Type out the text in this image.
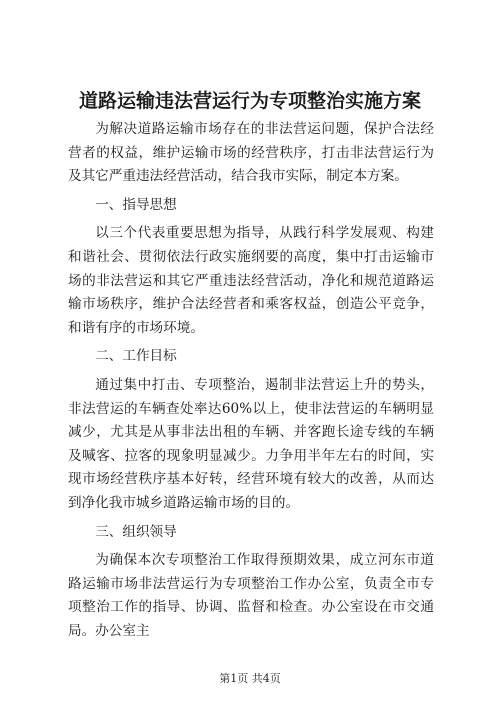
道路运输违法营运行为专项整治实施方案

为解决道路运输市场存在的非法营运问题，保护合法经营者的权益，维护运输市场的经营秩序，打击非法营运行为及其它严重违法经营活动，结合我市实际，制定本方案。

一、指导思想

以三个代表重要思想为指导，从践行科学发展观、构建和谐社会、贯彻依法行政实施纲要的高度，集中打击运输市场的非法营运和其它严重违法经营活动，净化和规范道路运输市场秩序，维护合法经营者和乘客权益，创造公平竞争，和谐有序的市场环境。

二、工作目标

通过集中打击、专项整治，遏制非法营运上升的势头，非法营运的车辆查处率达60%以上，使非法营运的车辆明显减少，尤其是从事非法出租的车辆、并客跑长途专线的车辆及喊客、拉客的现象明显减少。力争用半年左右的时间，实现市场经营秩序基本好转，经营环境有较大的改善，从而达到净化我市城乡道路运输市场的目的。

三、组织领导

为确保本次专项整治工作取得预期效果，成立河东市道路运输市场非法营运行为专项整治工作办公室，负责全市专项整治工作的指导、协调、监督和检查。办公室设在市交通局。办公室主

第1页 共4页
